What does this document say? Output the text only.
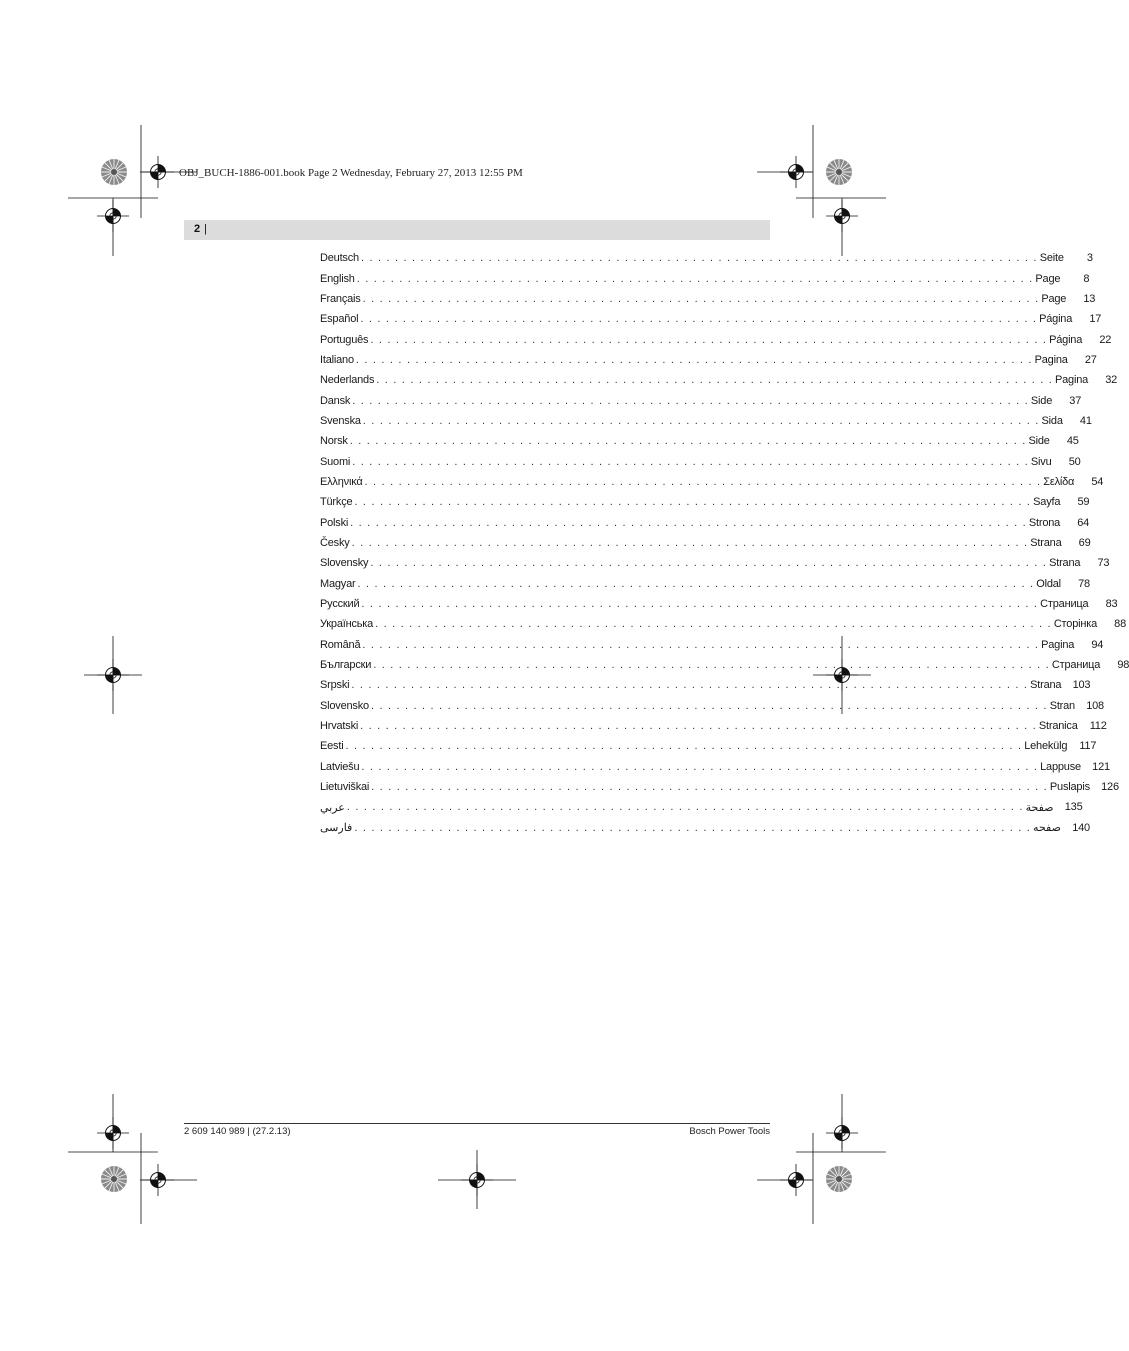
OBJ_BUCH-1886-001.book Page 2 Wednesday, February 27, 2013 12:55 PM
2 |
Deutsch . . . . . . . . . . . . . . . . . . . . . . . . . . . . . . . . . . . . . . . . . . . . . . . . . . . . . . . . . . . . . . . . . . . . . . . . . . . . . . . . Seite	3
English . . . . . . . . . . . . . . . . . . . . . . . . . . . . . . . . . . . . . . . . . . . . . . . . . . . . . . . . . . . . . . . . . . . . . . . . . . . . . . . . Page	8
Français . . . . . . . . . . . . . . . . . . . . . . . . . . . . . . . . . . . . . . . . . . . . . . . . . . . . . . . . . . . . . . . . . . . . . . . . . . . . . . . . Page	13
Español . . . . . . . . . . . . . . . . . . . . . . . . . . . . . . . . . . . . . . . . . . . . . . . . . . . . . . . . . . . . . . . . . . . . . . . . . . . . . . . . Página	17
Português . . . . . . . . . . . . . . . . . . . . . . . . . . . . . . . . . . . . . . . . . . . . . . . . . . . . . . . . . . . . . . . . . . . . . . . . . . . . . . . . Página	22
Italiano . . . . . . . . . . . . . . . . . . . . . . . . . . . . . . . . . . . . . . . . . . . . . . . . . . . . . . . . . . . . . . . . . . . . . . . . . . . . . . . . Pagina	27
Nederlands . . . . . . . . . . . . . . . . . . . . . . . . . . . . . . . . . . . . . . . . . . . . . . . . . . . . . . . . . . . . . . . . . . . . . . . . . . . . . . . . Pagina	32
Dansk . . . . . . . . . . . . . . . . . . . . . . . . . . . . . . . . . . . . . . . . . . . . . . . . . . . . . . . . . . . . . . . . . . . . . . . . . . . . . . . . Side	37
Svenska . . . . . . . . . . . . . . . . . . . . . . . . . . . . . . . . . . . . . . . . . . . . . . . . . . . . . . . . . . . . . . . . . . . . . . . . . . . . . . . . Sida	41
Norsk . . . . . . . . . . . . . . . . . . . . . . . . . . . . . . . . . . . . . . . . . . . . . . . . . . . . . . . . . . . . . . . . . . . . . . . . . . . . . . . . Side	45
Suomi . . . . . . . . . . . . . . . . . . . . . . . . . . . . . . . . . . . . . . . . . . . . . . . . . . . . . . . . . . . . . . . . . . . . . . . . . . . . . . . . Sivu	50
Ελληνικά . . . . . . . . . . . . . . . . . . . . . . . . . . . . . . . . . . . . . . . . . . . . . . . . . . . . . . . . . . . . . . . . . . . . . . . . . . . . . . . . Σελίδα	54
Türkçe . . . . . . . . . . . . . . . . . . . . . . . . . . . . . . . . . . . . . . . . . . . . . . . . . . . . . . . . . . . . . . . . . . . . . . . . . . . . . . . . Sayfa	59
Polski . . . . . . . . . . . . . . . . . . . . . . . . . . . . . . . . . . . . . . . . . . . . . . . . . . . . . . . . . . . . . . . . . . . . . . . . . . . . . . . . Strona	64
Česky . . . . . . . . . . . . . . . . . . . . . . . . . . . . . . . . . . . . . . . . . . . . . . . . . . . . . . . . . . . . . . . . . . . . . . . . . . . . . . . . Strana	69
Slovensky . . . . . . . . . . . . . . . . . . . . . . . . . . . . . . . . . . . . . . . . . . . . . . . . . . . . . . . . . . . . . . . . . . . . . . . . . . . . . . . . Strana	73
Magyar . . . . . . . . . . . . . . . . . . . . . . . . . . . . . . . . . . . . . . . . . . . . . . . . . . . . . . . . . . . . . . . . . . . . . . . . . . . . . . . . Oldal	78
Русский . . . . . . . . . . . . . . . . . . . . . . . . . . . . . . . . . . . . . . . . . . . . . . . . . . . . . . . . . . . . . . . . . . . . . . . . . . . . . . . . Страница	83
Українська . . . . . . . . . . . . . . . . . . . . . . . . . . . . . . . . . . . . . . . . . . . . . . . . . . . . . . . . . . . . . . . . . . . . . . . . . . . . . . . . Сторінка	88
Română . . . . . . . . . . . . . . . . . . . . . . . . . . . . . . . . . . . . . . . . . . . . . . . . . . . . . . . . . . . . . . . . . . . . . . . . . . . . . . . . Pagina	94
Български . . . . . . . . . . . . . . . . . . . . . . . . . . . . . . . . . . . . . . . . . . . . . . . . . . . . . . . . . . . . . . . . . . . . . . . . . . . . . . . . Страница	98
Srpski . . . . . . . . . . . . . . . . . . . . . . . . . . . . . . . . . . . . . . . . . . . . . . . . . . . . . . . . . . . . . . . . . . . . . . . . . . . . . . . . Strana	103
Slovensko . . . . . . . . . . . . . . . . . . . . . . . . . . . . . . . . . . . . . . . . . . . . . . . . . . . . . . . . . . . . . . . . . . . . . . . . . . . . . . . . Stran	108
Hrvatski . . . . . . . . . . . . . . . . . . . . . . . . . . . . . . . . . . . . . . . . . . . . . . . . . . . . . . . . . . . . . . . . . . . . . . . . . . . . . . . . Stranica	112
Eesti . . . . . . . . . . . . . . . . . . . . . . . . . . . . . . . . . . . . . . . . . . . . . . . . . . . . . . . . . . . . . . . . . . . . . . . . . . . . . . . . Lehekülg	117
Latviešu . . . . . . . . . . . . . . . . . . . . . . . . . . . . . . . . . . . . . . . . . . . . . . . . . . . . . . . . . . . . . . . . . . . . . . . . . . . . . . . . Lappuse	121
Lietuviškai . . . . . . . . . . . . . . . . . . . . . . . . . . . . . . . . . . . . . . . . . . . . . . . . . . . . . . . . . . . . . . . . . . . . . . . . . . . . . . . . Puslapis	126
عربي . . . . . . . . . . . . . . . . . . . . . . . . . . . . . . . . . . . . . . . . . . . . . . . . . . . . . . . . . . . . . . . . . . . . . . . . . . . . . . . . صفحة	135
فارسی . . . . . . . . . . . . . . . . . . . . . . . . . . . . . . . . . . . . . . . . . . . . . . . . . . . . . . . . . . . . . . . . . . . . . . . . . . . . . . . . صفحه	140
2 609 140 989 | (27.2.13)	Bosch Power Tools
